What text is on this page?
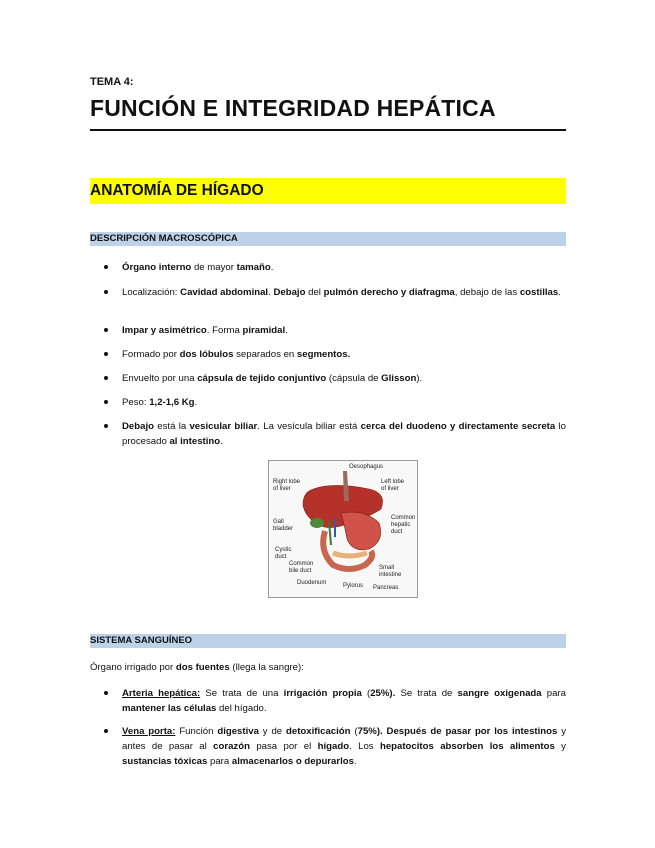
TEMA 4:
FUNCIÓN E INTEGRIDAD HEPÁTICA
ANATOMÍA DE HÍGADO
DESCRIPCIÓN MACROSCÓPICA
Órgano interno de mayor tamaño.
Localización: Cavidad abdominal. Debajo del pulmón derecho y diafragma, debajo de las costillas.
Impar y asimétrico. Forma piramidal.
Formado por dos lóbulos separados en segmentos.
Envuelto por una cápsula de tejido conjuntivo (cápsula de Glisson).
Peso: 1,2-1,6 Kg.
Debajo está la vesicular biliar. La vesícula biliar está cerca del duodeno y directamente secreta lo procesado al intestino.
Oesophagus
Right lobe
of liver
Left lobe
of liver
Gall
bladder
Common
hepatic
duct
Cystic
duct
Common
bile duct	Small
intestine
Duodenum	Pylorus Pancreas
SISTEMA SANGUÍNEO
Órgano irrigado por dos fuentes (llega la sangre):
Arteria hepática: Se trata de una irrigación propia (25%). Se trata de sangre oxigenada para mantener las células del hígado.
Vena porta: Función digestiva y de detoxificación (75%). Después de pasar por los intestinos y antes de pasar al corazón pasa por el hígado. Los hepatocitos absorben los alimentos y sustancias tóxicas para almacenarlos o depurarlos.
